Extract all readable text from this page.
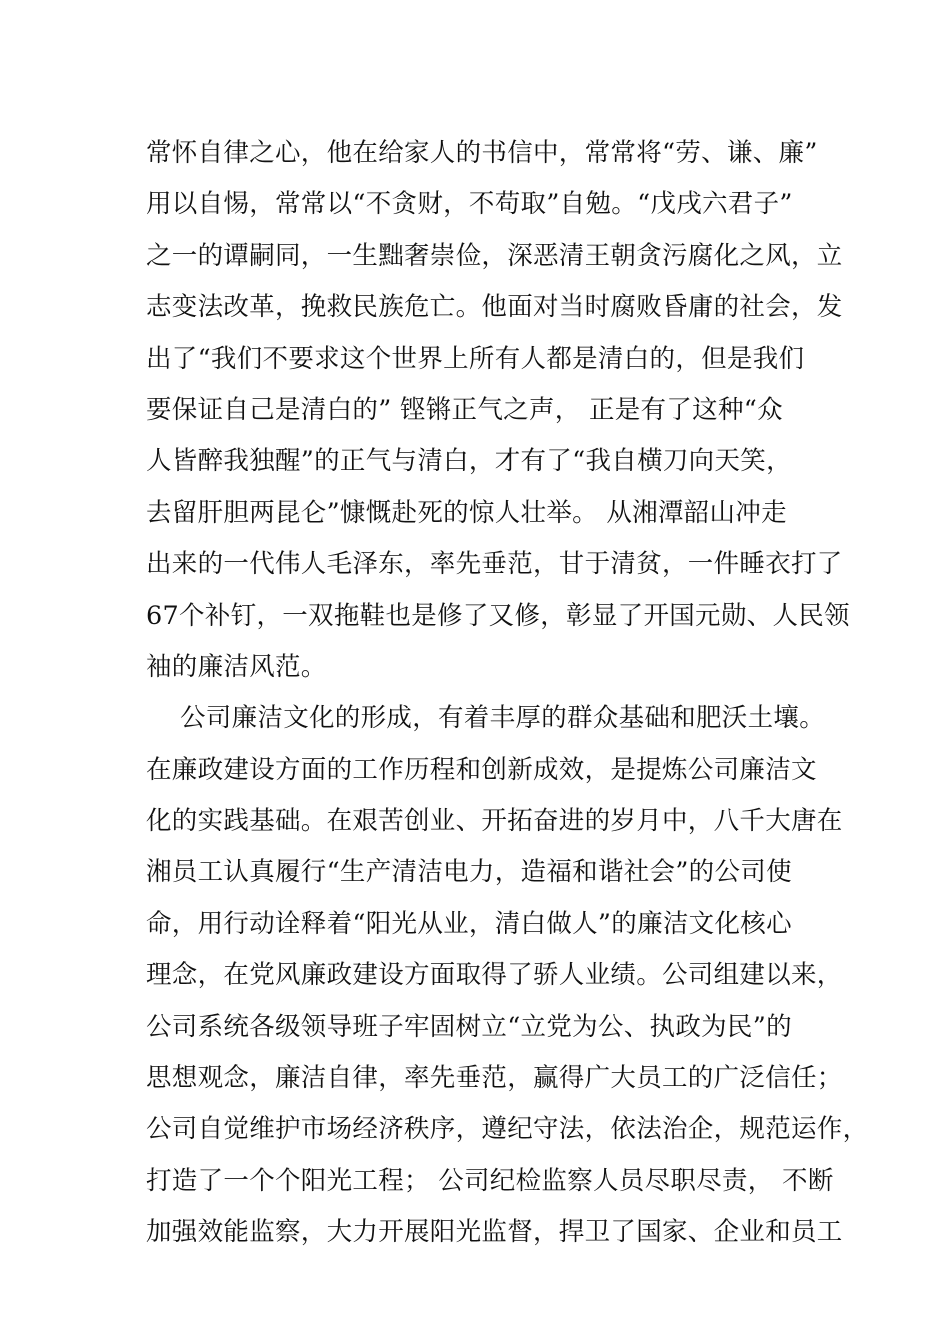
常怀自律之心，他在给家人的书信中，常常将“劳、谦、廉”
用以自惕，常常以“不贪财，不苟取”自勉。“戊戌六君子”
之一的谭嗣同，一生黜奢崇俭，深恶清王朝贪污腐化之风，立
志变法改革，挽救民族危亡。他面对当时腐败昏庸的社会，发
出了“我们不要求这个世界上所有人都是清白的，但是我们
要保证自己是清白的” 铿锵正气之声， 正是有了这种“众
人皆醉我独醒”的正气与清白，才有了“我自横刀向天笑，
去留肝胆两昆仑”慷慨赴死的惊人壮举。 从湘潭韶山冲走
出来的一代伟人毛泽东，率先垂范，甘于清贫，一件睡衣打了
67个补钉，一双拖鞋也是修了又修，彰显了开国元勋、人民领
袖的廉洁风范。
公司廉洁文化的形成，有着丰厚的群众基础和肥沃土壤。
在廉政建设方面的工作历程和创新成效，是提炼公司廉洁文
化的实践基础。在艰苦创业、开拓奋进的岁月中，八千大唐在
湘员工认真履行“生产清洁电力，造福和谐社会”的公司使
命，用行动诠释着“阳光从业，清白做人”的廉洁文化核心
理念，在党风廉政建设方面取得了骄人业绩。公司组建以来，
公司系统各级领导班子牢固树立“立党为公、执政为民”的
思想观念，廉洁自律，率先垂范，赢得广大员工的广泛信任；
公司自觉维护市场经济秩序，遵纪守法，依法治企，规范运作，
打造了一个个阳光工程； 公司纪检监察人员尽职尽责， 不断
加强效能监察，大力开展阳光监督，捍卫了国家、企业和员工
